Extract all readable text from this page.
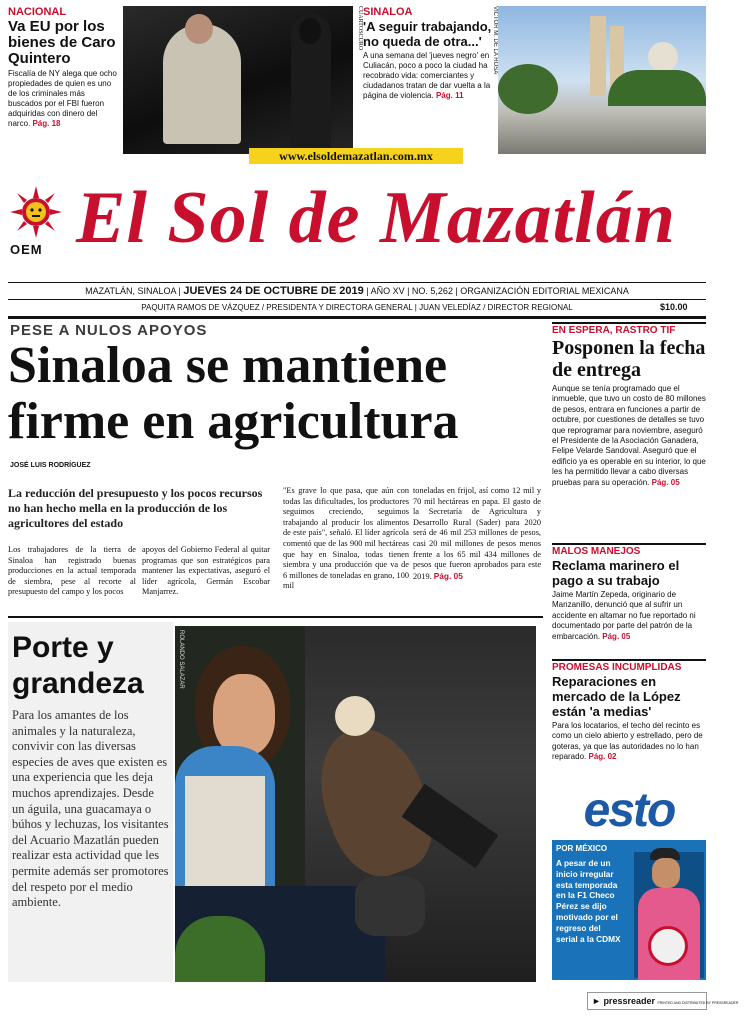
NACIONAL
Va EU por los bienes de Caro Quintero
Fiscalía de NY alega que ocho propiedades de quien es uno de los criminales más buscados por el FBI fueron adquiridas con dinero del narco. Pág. 18
CUARTOSCURO SINALOA
'A seguir trabajando, no queda de otra...'
A una semana del 'jueves negro' en Culiacán, poco a poco la ciudad ha recobrado vida: comerciantes y ciudadanos tratan de dar vuelta a la página de violencia. Pág. 11
VICTOR M. DE LA ROSA
www.elsoldemazatlan.com.mx
OEM El Sol de Mazatlán
MAZATLÁN, SINALOA | JUEVES 24 DE OCTUBRE DE 2019 | AÑO XV | NO. 5,262 | ORGANIZACIÓN EDITORIAL MEXICANA
PAQUITA RAMOS DE VÁZQUEZ / PRESIDENTA Y DIRECTORA GENERAL | JUAN VELEDÍAZ / DIRECTOR REGIONAL	$10.00
PESE A NULOS APOYOS
Sinaloa se mantiene
firme en agricultura
JOSÉ LUIS RODRÍGUEZ
La reducción del presupuesto y los pocos recursos no han hecho mella en la producción de los agricultores del estado

Los trabajadores de la tierra de Sinaloa han registrado buenas producciones en la actual temporada de siembra, pese al recorte al presupuesto del campo y los pocos

apoyos del Gobierno Federal al quitar programas que son estratégicos para mantener las expectativas, aseguró el líder agrícola, Germán Escobar Manjarrez.

"Es grave lo que pasa, que aún con todas las dificultades, los productores seguimos creciendo, seguimos trabajando al producir los alimentos de este país", señaló. El líder agrícola comentó que de las 900 mil hectáreas que hay en Sinaloa, todas tienen siembra y una producción que va de 6 millones de toneladas en grano, 100 mil

toneladas en frijol, así como 12 mil y 70 mil hectáreas en papa. El gasto de la Secretaría de Agricultura y Desarrollo Rural (Sader) para 2020 será de 46 mil 253 millones de pesos, casi 20 mil millones de pesos menos frente a los 65 mil 434 millones de pesos que fueron aprobados para este 2019. Pág. 05

Porte y
grandeza
Para los amantes de los animales y la naturaleza, convivir con las diversas especies de aves que existen es una experiencia que les deja muchos aprendizajes. Desde un águila, una guacamaya o búhos y lechuzas, los visitantes del Acuario Mazatlán pueden realizar esta actividad que les permite además ser promotores del respeto por el medio ambiente.
ROLANDO SALAZAR
EN ESPERA, RASTRO TIF
Posponen la fecha de entrega
Aunque se tenía programado que el inmueble, que tuvo un costo de 80 millones de pesos, entrara en funciones a partir de octubre, por cuestiones de detalles se tuvo que reprogramar para noviembre, aseguró el Presidente de la Asociación Ganadera, Felipe Velarde Sandoval. Aseguró que el edificio ya es operable en su interior, lo que les ha permitido llevar a cabo diversas pruebas para su operación. Pág. 05
MALOS MANEJOS
Reclama marinero el pago a su trabajo
Jaime Martín Zepeda, originario de Manzanillo, denunció que al sufrir un accidente en altamar no fue reportado ni documentado por parte del patrón de la embarcación. Pág. 05
PROMESAS INCUMPLIDAS
Reparaciones en mercado de la López están 'a medias'
Para los locatarios, el techo del recinto es como un cielo abierto y estrellado, pero de goteras, ya que las autoridades no lo han reparado. Pág. 02
esto
POR MÉXICO
A pesar de un inicio irregular esta temporada en la F1 Checo Pérez se dijo motivado por el regreso del serial a la CDMX
► pressreader PRINTED AND DISTRIBUTED BY PRESSREADER
